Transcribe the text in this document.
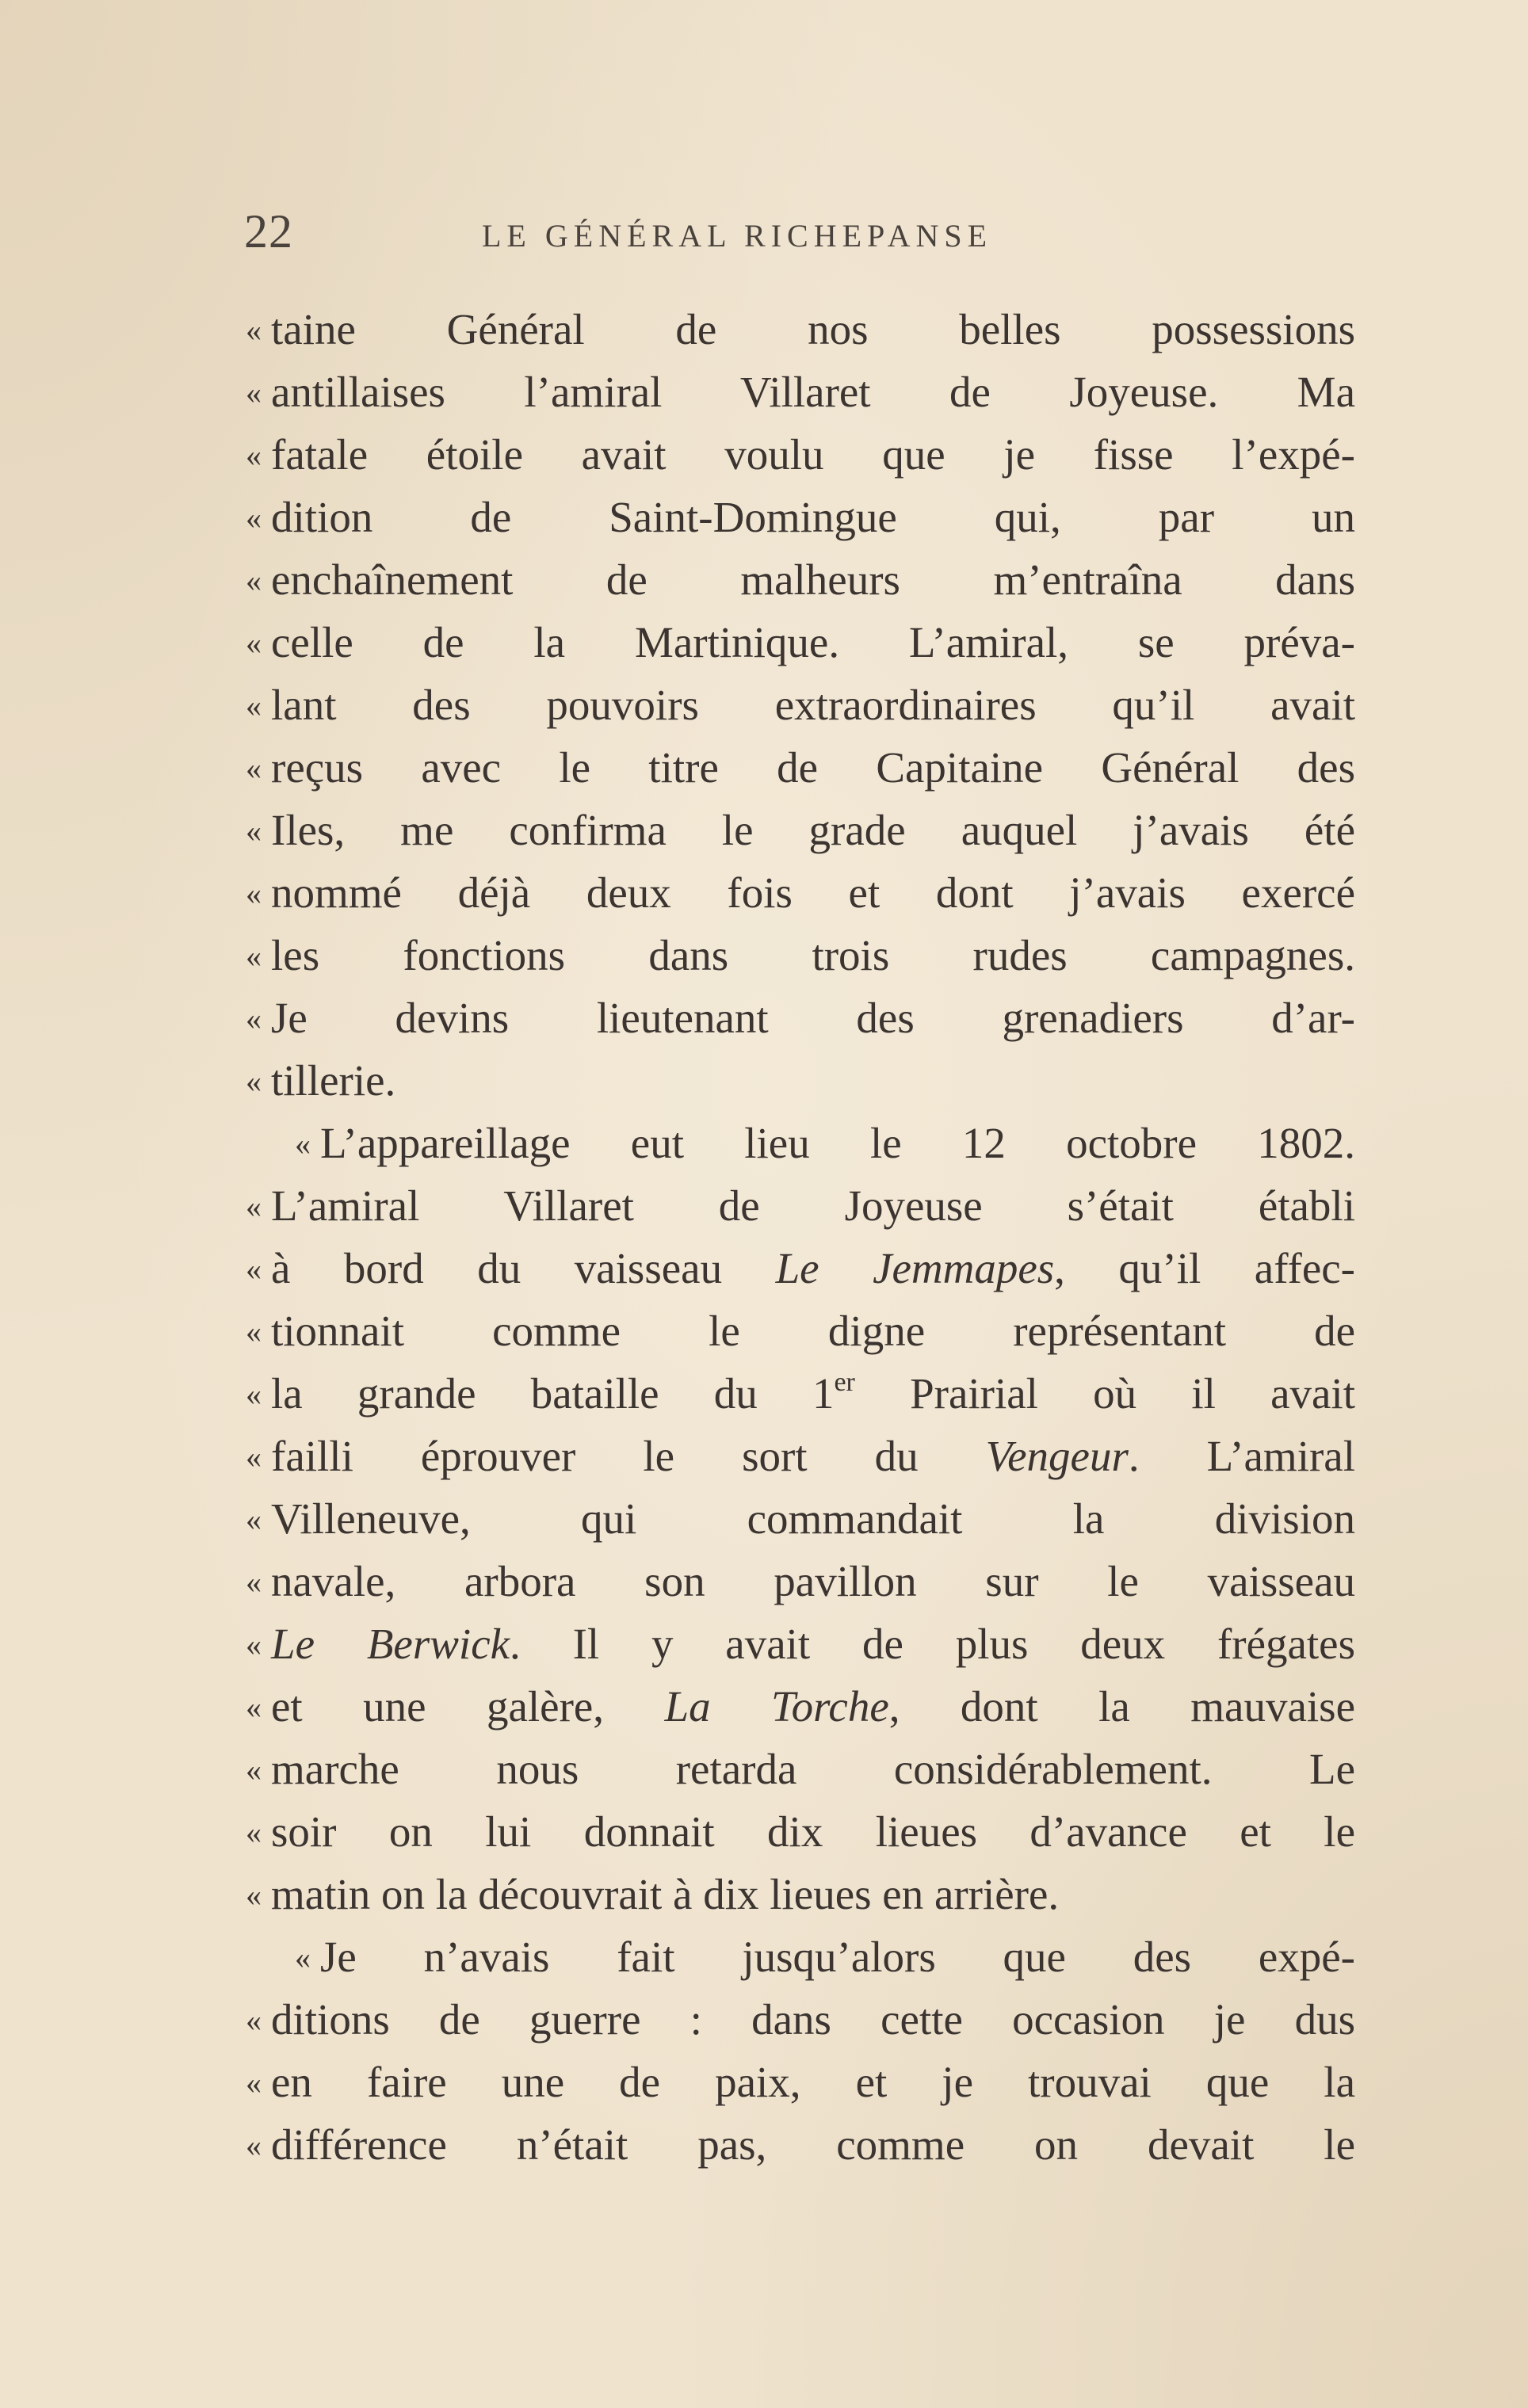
22	LE GÉNÉRAL RICHEPANSE
« taine Général de nos belles possessions
« antillaises l’amiral Villaret de Joyeuse. Ma
« fatale étoile avait voulu que je fisse l’expé-
« dition de Saint-Domingue qui, par un
« enchaînement de malheurs m’entraîna dans
« celle de la Martinique. L’amiral, se préva-
« lant des pouvoirs extraordinaires qu’il avait
« reçus avec le titre de Capitaine Général des
« Iles, me confirma le grade auquel j’avais été
« nommé déjà deux fois et dont j’avais exercé
« les fonctions dans trois rudes campagnes.
« Je devins lieutenant des grenadiers d’ar-
« tillerie.
« L’appareillage eut lieu le 12 octobre 1802.
« L’amiral Villaret de Joyeuse s’était établi
« à bord du vaisseau Le Jemmapes, qu’il affec-
« tionnait comme le digne représentant de
« la grande bataille du 1er Prairial où il avait
« failli éprouver le sort du Vengeur. L’amiral
« Villeneuve, qui commandait la division
« navale, arbora son pavillon sur le vaisseau
« Le Berwick. Il y avait de plus deux frégates
« et une galère, La Torche, dont la mauvaise
« marche nous retarda considérablement. Le
« soir on lui donnait dix lieues d’avance et le
« matin on la découvrait à dix lieues en arrière.
« Je n’avais fait jusqu’alors que des expé-
« ditions de guerre : dans cette occasion je dus
« en faire une de paix, et je trouvai que la
« différence n’était pas, comme on devait le
